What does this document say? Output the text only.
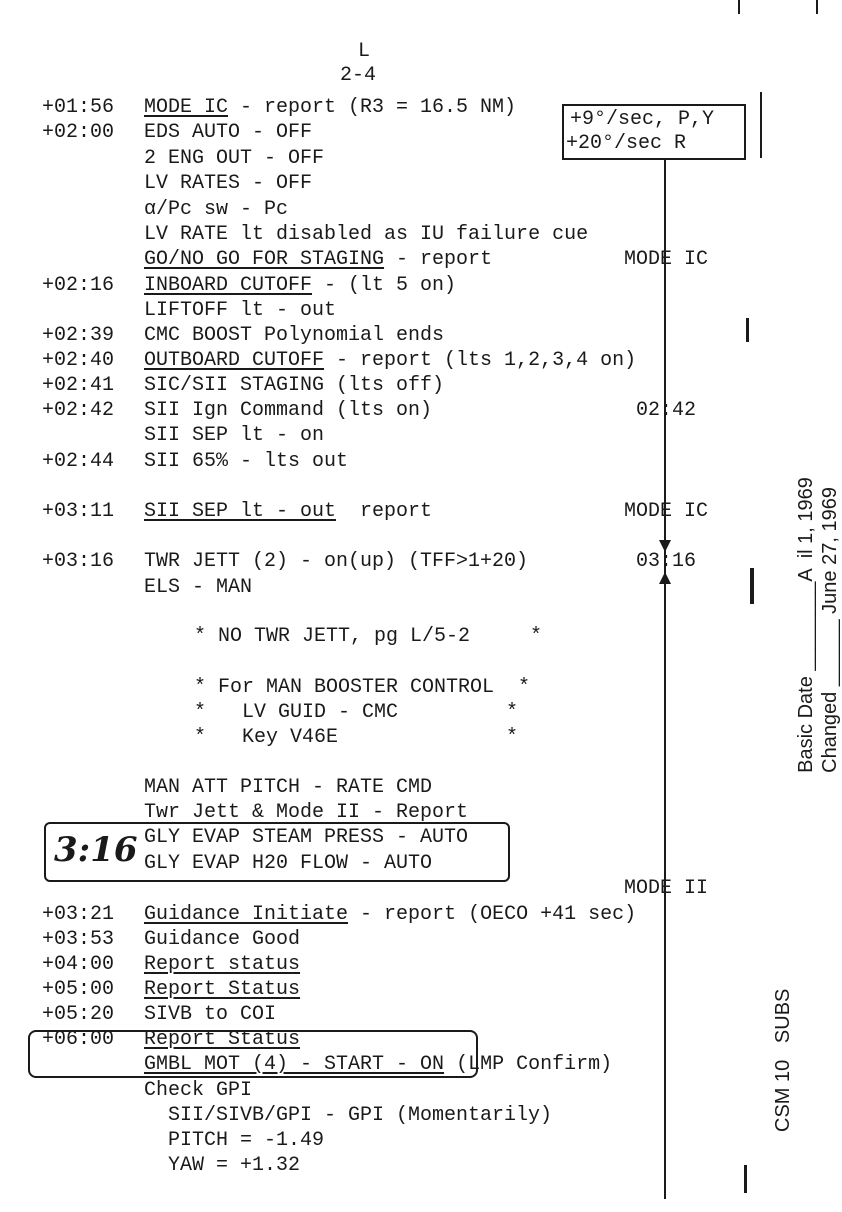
L
2-4
+9°/sec, P,Y
+20°/sec R
3:16
+01:56 MODE IC - report (R3 = 16.5 NM)
+02:00 EDS AUTO - OFF
2 ENG OUT - OFF
LV RATES - OFF
α/Pc sw - Pc
LV RATE lt disabled as IU failure cue
GO/NO GO FOR STAGING - report	MODE IC
+02:16 INBOARD CUTOFF - (lt 5 on)
LIFTOFF lt - out
+02:39 CMC BOOST Polynomial ends
+02:40 OUTBOARD CUTOFF - report (lts 1,2,3,4 on)
+02:41 SIC/SII STAGING (lts off)
+02:42 SII Ign Command (lts on)	02:42
SII SEP lt - on
+02:44 SII 65% - lts out
+03:11 SII SEP lt - out  report	MODE IC
+03:16 TWR JETT (2) - on(up) (TFF>1+20)	03:16
ELS - MAN
* NO TWR JETT, pg L/5-2     *
* For MAN BOOSTER CONTROL  *
*   LV GUID - CMC         *
*   Key V46E              *
MAN ATT PITCH - RATE CMD
Twr Jett & Mode II - Report
GLY EVAP STEAM PRESS - AUTO
GLY EVAP H20 FLOW - AUTO
MODE II
+03:21 Guidance Initiate - report (OECO +41 sec)
+03:53 Guidance Good
+04:00 Report status
+05:00 Report Status
+05:20 SIVB to COI
+06:00 Report Status
GMBL MOT (4) - START - ON (LMP Confirm)
Check GPI
SII/SIVB/GPI - GPI (Momentarily)
PITCH = -1.49
YAW = +1.32

Basic Date ________A  il 1, 1969

Changed ______ June 27, 1969

CSM 10   SUBS
